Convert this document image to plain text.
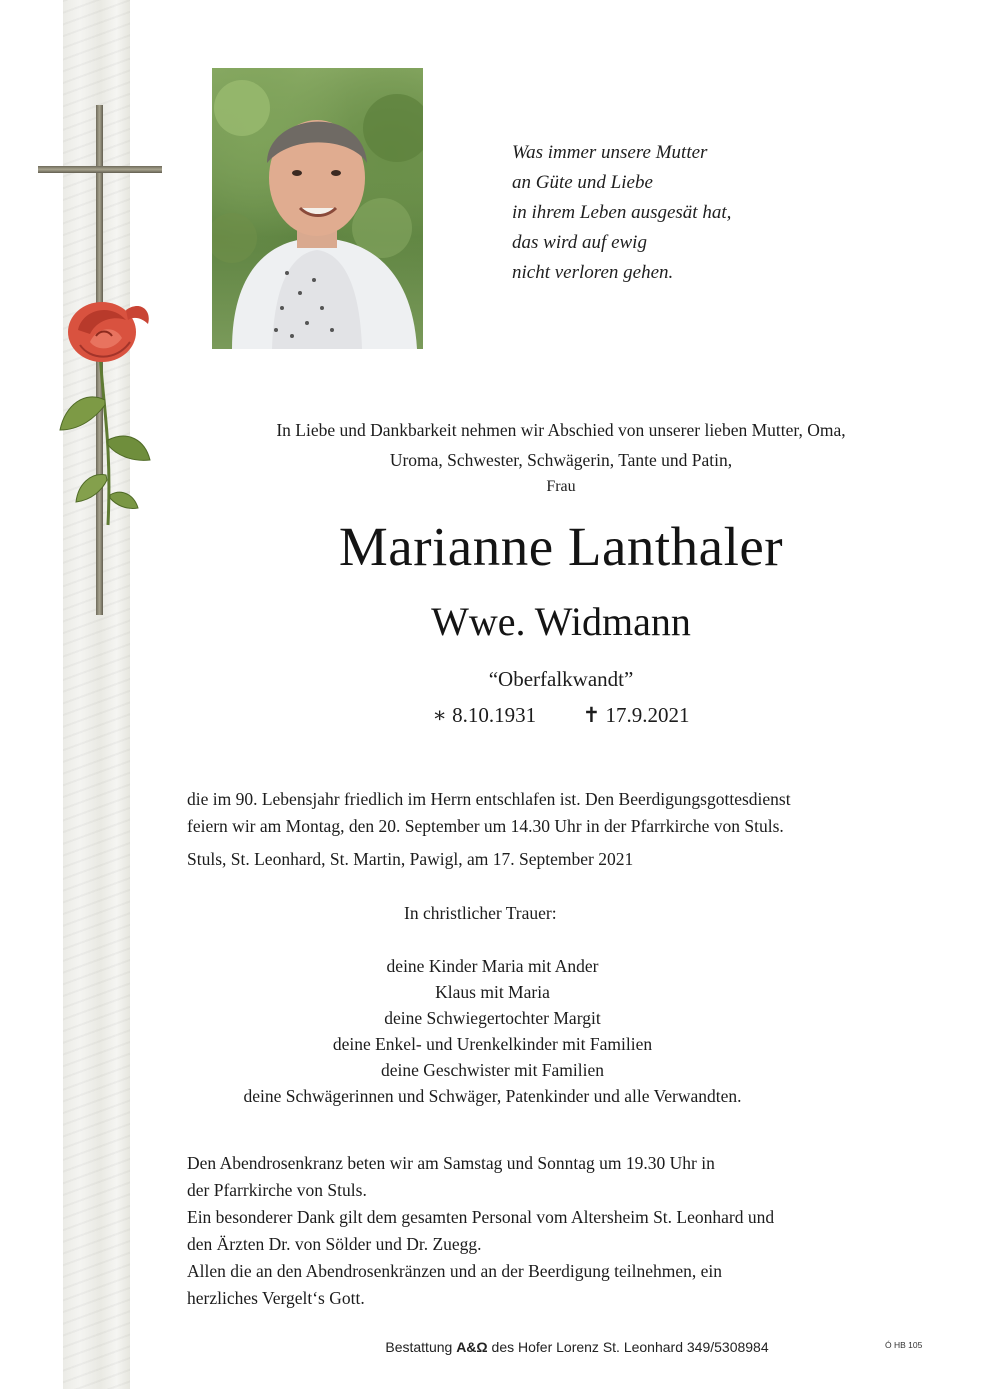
Was immer unsere Mutter
an Güte und Liebe
in ihrem Leben ausgesät hat,
das wird auf ewig
nicht verloren gehen.
In Liebe und Dankbarkeit nehmen wir Abschied von unserer lieben Mutter, Oma,
Uroma, Schwester, Schwägerin, Tante und Patin,
Frau
Marianne Lanthaler
Wwe. Widmann
“Oberfalkwandt”
∗ 8.10.1931 ✝ 17.9.2021
die im 90. Lebensjahr friedlich im Herrn entschlafen ist. Den Beerdigungsgottesdienst
feiern wir am Montag, den 20. September um 14.30 Uhr in der Pfarrkirche von Stuls.
Stuls, St. Leonhard, St. Martin, Pawigl, am 17. September 2021
In christlicher Trauer:
deine Kinder Maria mit Ander
Klaus mit Maria
deine Schwiegertochter Margit
deine Enkel- und Urenkelkinder mit Familien
deine Geschwister mit Familien
deine Schwägerinnen und Schwäger, Patenkinder und alle Verwandten.
Den Abendrosenkranz beten wir am Samstag und Sonntag um 19.30 Uhr in
der Pfarrkirche von Stuls.
Ein besonderer Dank gilt dem gesamten Personal vom Altersheim St. Leonhard und
den Ärzten Dr. von Sölder und Dr. Zuegg.
Allen die an den Abendrosenkränzen und an der Beerdigung teilnehmen, ein
herzliches Vergelt‘s Gott.
Bestattung A&Ω des Hofer Lorenz St. Leonhard 349/5308984	Ó HB 105
